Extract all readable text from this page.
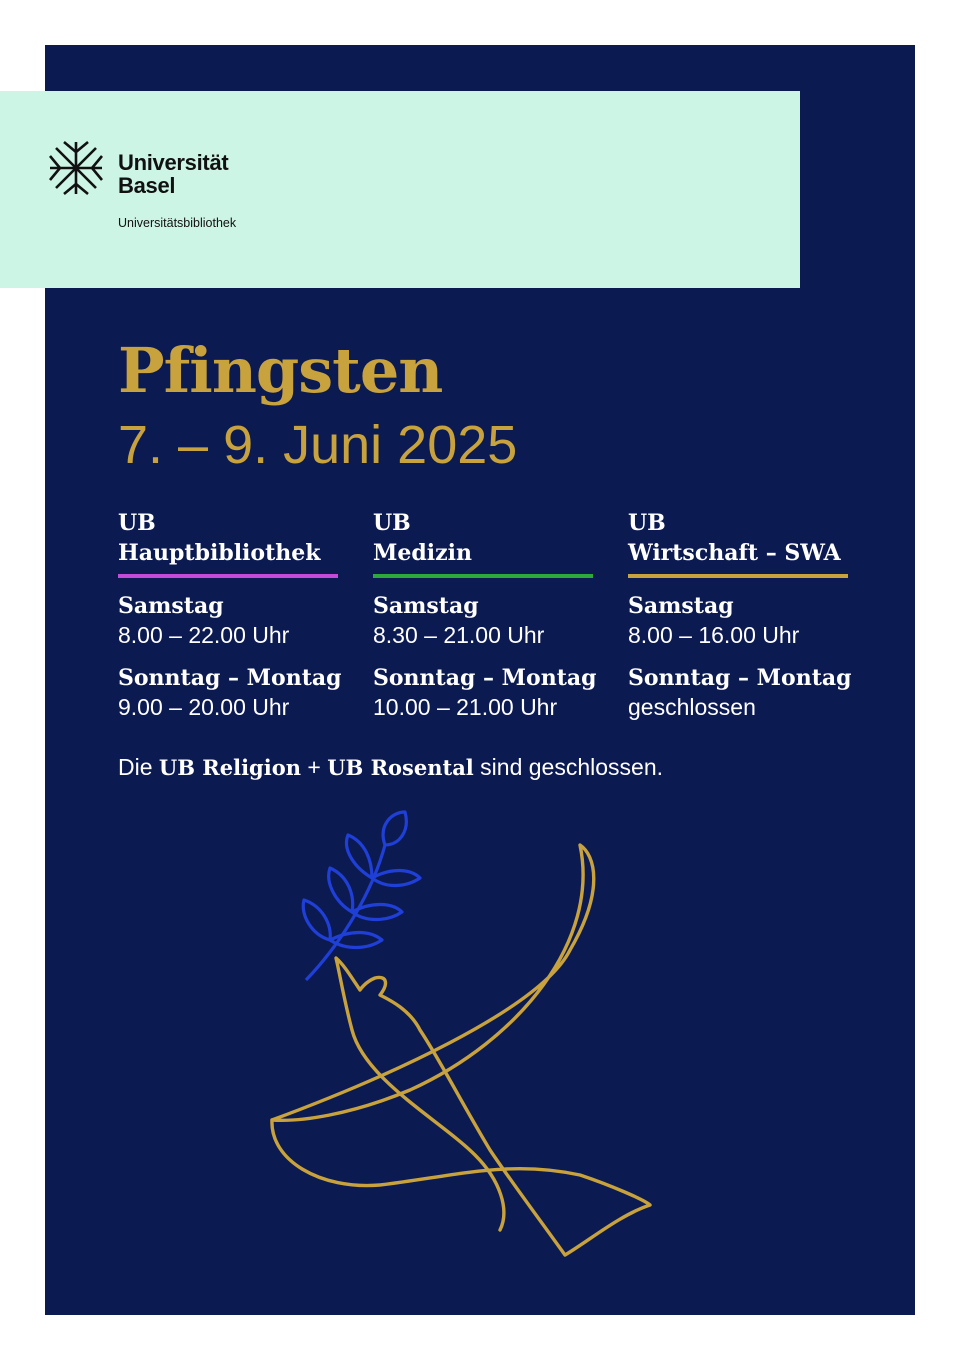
Universität
Basel
Universitätsbibliothek
Pfingsten
7. – 9. Juni 2025
UB
Hauptbibliothek
Samstag
8.00 – 22.00 Uhr
Sonntag – Montag
9.00 – 20.00 Uhr
UB
Medizin
Samstag
8.30 – 21.00 Uhr
Sonntag – Montag
10.00 – 21.00 Uhr
UB
Wirtschaft – SWA
Samstag
8.00 – 16.00 Uhr
Sonntag – Montag
geschlossen
Die UB Religion + UB Rosental sind geschlossen.
